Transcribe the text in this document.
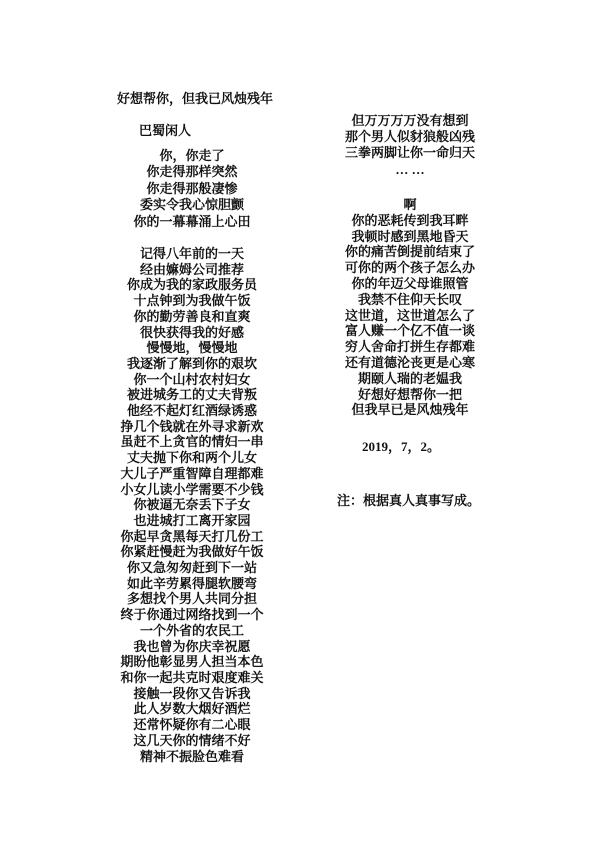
好想帮你，但我已风烛残年
巴蜀闲人
你，你走了
你走得那样突然
你走得那般凄惨
委实令我心惊胆颤
你的一幕幕涌上心田
记得八年前的一天
经由嫲姆公司推荐
你成为我的家政服务员
十点钟到为我做午饭
你的勤劳善良和直爽
很快获得我的好感
慢慢地，慢慢地
我逐渐了解到你的艰坎
你一个山村农村妇女
被进城务工的丈夫背叛
他经不起灯红酒绿诱惑
挣几个钱就在外寻求新欢
虽赶不上贪官的情妇一串
丈夫抛下你和两个儿女
大儿子严重智障自理都难
小女儿读小学需要不少钱
你被逼无奈丢下子女
也进城打工离开家园
你起早贪黑每天打几份工
你紧赶慢赶为我做好午饭
你又急匆匆赶到下一站
如此辛劳累得腿软腰弯
多想找个男人共同分担
终于你通过网络找到一个
一个外省的农民工
我也曾为你庆幸祝愿
期盼他彰显男人担当本色
和你一起共克时艰度难关
接触一段你又告诉我
此人岁数大烟好酒烂
还常怀疑你有二心眼
这几天你的情绪不好
精神不振脸色难看
但万万万万没有想到
那个男人似豺狼般凶残
三拳两脚让你一命归天
… …
啊
你的恶耗传到我耳畔
我顿时感到黑地昏天
你的痛苦倒提前结束了
可你的两个孩子怎么办
你的年迈父母谁照管
我禁不住仰天长叹
这世道，这世道怎么了
富人赚一个亿不值一谈
穷人舍命打拼生存都难
还有道德沦丧更是心寒
期颐人瑞的老媪我
好想好想帮你一把
但我早已是风烛残年
2019，7，2。
注：根据真人真事写成。
